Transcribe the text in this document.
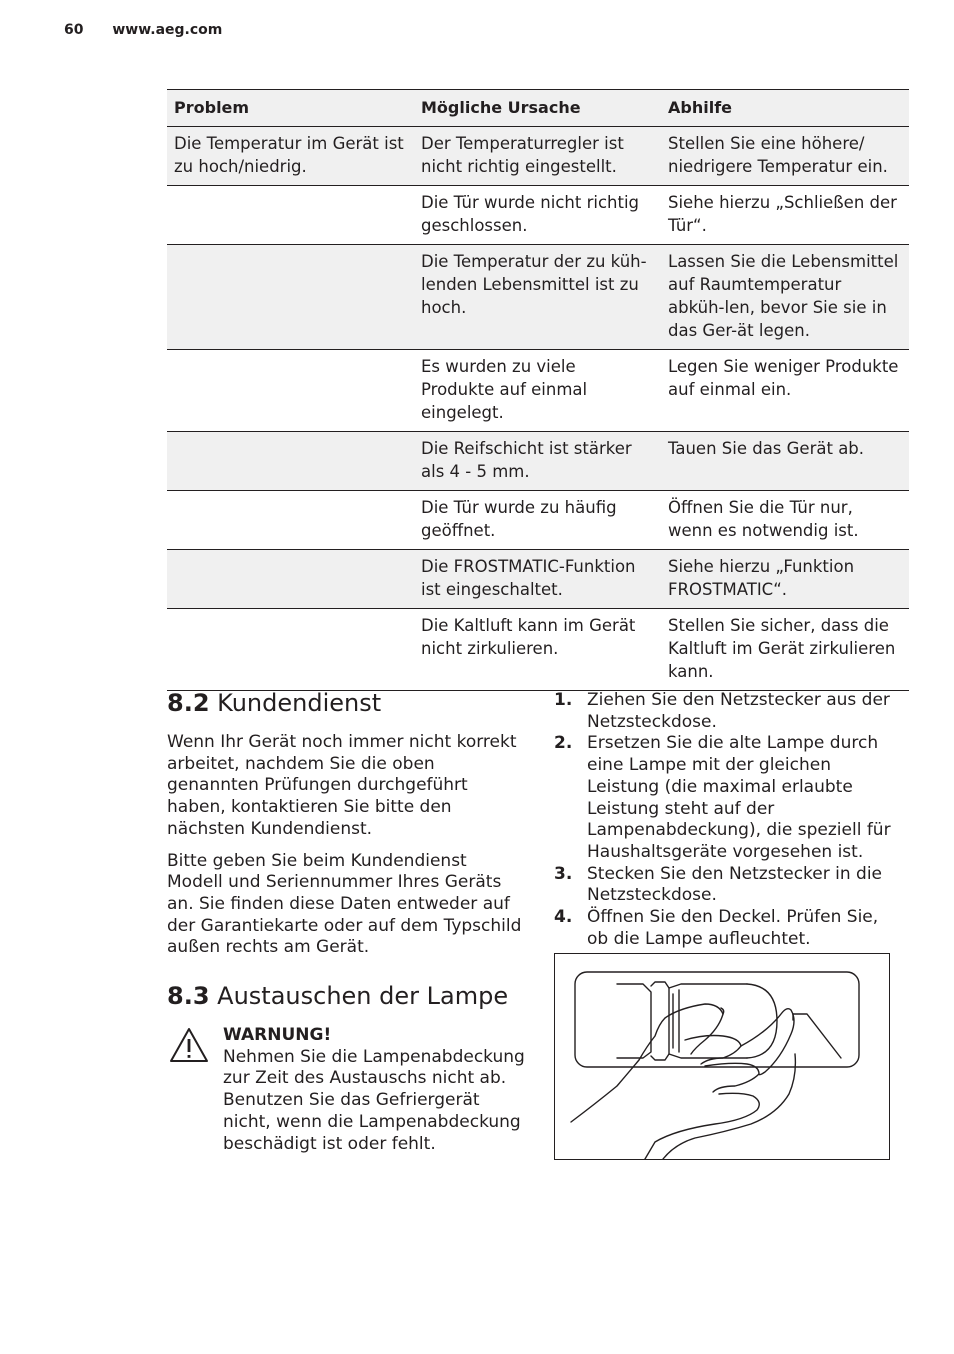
60 www.aeg.com
Problem	Mögliche Ursache	Abhilfe
Die Temperatur im Gerät ist zu hoch/niedrig.	Der Temperaturregler ist nicht richtig eingestellt.	Stellen Sie eine höhere/ niedrigere Temperatur ein.
	Die Tür wurde nicht richtig geschlossen.	Siehe hierzu „Schließen der Tür“.
	Die Temperatur der zu küh-lenden Lebensmittel ist zu hoch.	Lassen Sie die Lebensmittel auf Raumtemperatur abküh-len, bevor Sie sie in das Ger-ät legen.
	Es wurden zu viele Produkte auf einmal eingelegt.	Legen Sie weniger Produkte auf einmal ein.
	Die Reifschicht ist stärker als 4 - 5 mm.	Tauen Sie das Gerät ab.
	Die Tür wurde zu häufig geöffnet.	Öffnen Sie die Tür nur, wenn es notwendig ist.
	Die FROSTMATIC-Funktion ist eingeschaltet.	Siehe hierzu „Funktion FROSTMATIC“.
	Die Kaltluft kann im Gerät nicht zirkulieren.	Stellen Sie sicher, dass die Kaltluft im Gerät zirkulieren kann.
8.2 Kundendienst

Wenn Ihr Gerät noch immer nicht korrekt arbeitet, nachdem Sie die oben genannten Prüfungen durchgeführt haben, kontaktieren Sie bitte den nächsten Kundendienst.

Bitte geben Sie beim Kundendienst Modell und Seriennummer Ihres Geräts an. Sie finden diese Daten entweder auf der Garantiekarte oder auf dem Typschild außen rechts am Gerät.

8.3 Austauschen der Lampe
WARNUNG!
Nehmen Sie die Lampenabdeckung zur Zeit des Austauschs nicht ab. Benutzen Sie das Gefriergerät nicht, wenn die Lampenabdeckung beschädigt ist oder fehlt.
1. Ziehen Sie den Netzstecker aus der Netzsteckdose.
2. Ersetzen Sie die alte Lampe durch eine Lampe mit der gleichen Leistung (die maximal erlaubte Leistung steht auf der Lampenabdeckung), die speziell für Haushaltsgeräte vorgesehen ist.
3. Stecken Sie den Netzstecker in die Netzsteckdose.
4. Öffnen Sie den Deckel. Prüfen Sie, ob die Lampe aufleuchtet.
